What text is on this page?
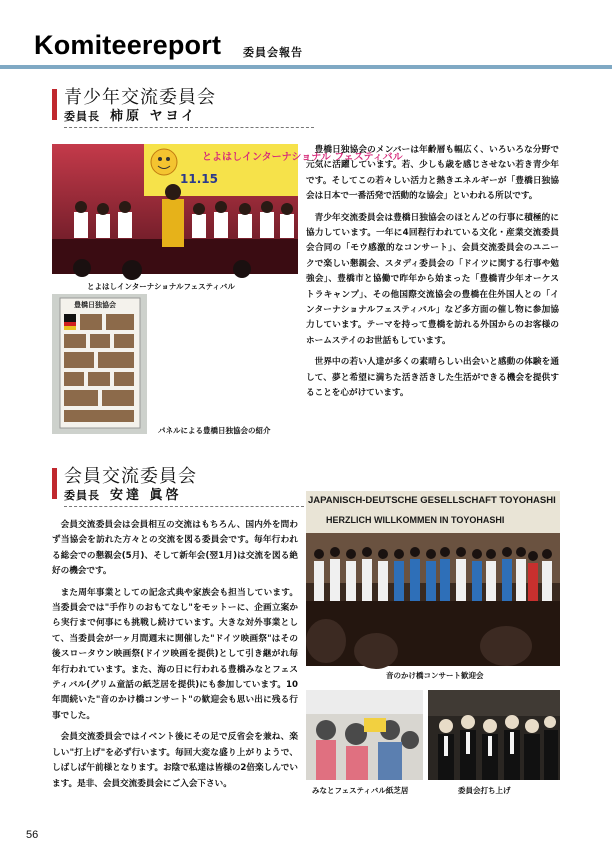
Komiteereport 委員会報告
青少年交流委員会
委員長 柿原 ヤヨイ
とよはしインターナショナル フェスティバル
11.15
とよはしインターナショナルフェスティバル
豊橋日独協会
パネルによる豊橋日独協会の紹介

豊橋日独協会のメンバーは年齢層も幅広く、いろいろな分野で元気に活躍しています。若、少しも歳を感じさせない若き青少年です。そしてこの若々しい活力と熱きエネルギーが「豊橋日独協会は日本で一番活発で活動的な協会」といわれる所以です。

青少年交流委員会は豊橋日独協会のほとんどの行事に積極的に協力しています。一年に4回程行われている文化・産業交流委員会合同の「モウ感激的なコンサート」、会員交流委員会のユニークで楽しい懇親会、スタディ委員会の「ドイツに関する行事や勉強会」、豊橋市と協働で昨年から始まった「豊橋青少年オーケストラキャンプ」、その他国際交流協会の豊橋在住外国人との「インターナショナルフェスティバル」など多方面の催し物に参加協力しています。テーマを持って豊橋を訪れる外国からのお客様のホームステイのお世話もしています。

世界中の若い人達が多くの素晴らしい出会いと感動の体験を通して、夢と希望に満ちた活き活きした生活ができる機会を提供することを心がけています。

会員交流委員会
委員長 安達 眞啓

会員交流委員会は会員相互の交流はもちろん、国内外を問わず当協会を訪れた方々との交流を図る委員会です。毎年行われる総会での懇親会(5月)、そして新年会(翌1月)は交流を図る絶好の機会です。

また周年事業としての記念式典や家族会も担当しています。当委員会では"手作りのおもてなし"をモットーに、企画立案から実行まで何事にも挑戦し続けています。大きな対外事業として、当委員会が一ヶ月間週末に開催した"ドイツ映画祭"はその後スロータウン映画祭(ドイツ映画を提供)として引き継がれ毎年行われています。また、海の日に行われる豊橋みなとフェスティバル(グリム童話の紙芝居を提供)にも参加しています。10年間続いた"音のかけ橋コンサート"の歓迎会も思い出に残る行事でした。

会員交流委員会ではイベント後にその足で反省会を兼ね、楽しい"打上げ"を必ず行います。毎回大変な盛り上がりようで、しばしば午前様となります。お陰で私達は皆様の2倍楽しんでいます。是非、会員交流委員会にご入会下さい。

JAPANISCH-DEUTSCHE GESELLSCHAFT TOYOHASHI
HERZLICH WILLKOMMEN IN TOYOHASHI
音のかけ橋コンサート歓迎会
みなとフェスティバル紙芝居	委員会打ち上げ
56
